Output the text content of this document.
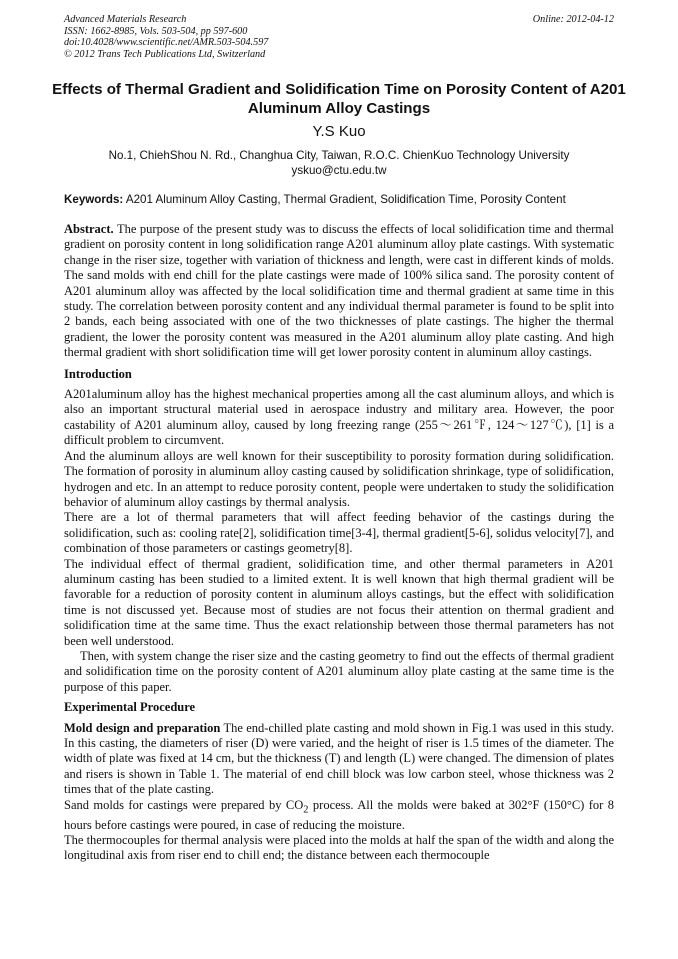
Advanced Materials Research
ISSN: 1662-8985, Vols. 503-504, pp 597-600
doi:10.4028/www.scientific.net/AMR.503-504.597
© 2012 Trans Tech Publications Ltd, Switzerland
Online: 2012-04-12
Effects of Thermal Gradient and Solidification Time on Porosity Content of A201 Aluminum Alloy Castings
Y.S Kuo
No.1, ChiehShou N. Rd., Changhua City, Taiwan, R.O.C. ChienKuo Technology University
yskuo@ctu.edu.tw
Keywords: A201 Aluminum Alloy Casting, Thermal Gradient, Solidification Time, Porosity Content

Abstract. The purpose of the present study was to discuss the effects of local solidification time and thermal gradient on porosity content in long solidification range A201 aluminum alloy plate castings. With systematic change in the riser size, together with variation of thickness and length, were cast in different kinds of molds. The sand molds with end chill for the plate castings were made of 100% silica sand. The porosity content of A201 aluminum alloy was affected by the local solidification time and thermal gradient at same time in this study. The correlation between porosity content and any individual thermal parameter is found to be split into 2 bands, each being associated with one of the two thicknesses of plate castings. The higher the thermal gradient, the lower the porosity content was measured in the A201 aluminum alloy plate casting. And high thermal gradient with short solidification time will get lower porosity content in aluminum alloy castings.

Introduction

A201aluminum alloy has the highest mechanical properties among all the cast aluminum alloys, and which is also an important structural material used in aerospace industry and military area. However, the poor castability of A201 aluminum alloy, caused by long freezing range (255～261℉, 124～127℃), [1] is a difficult problem to circumvent.

And the aluminum alloys are well known for their susceptibility to porosity formation during solidification. The formation of porosity in aluminum alloy casting caused by solidification shrinkage, type of solidification, hydrogen and etc. In an attempt to reduce porosity content, people were undertaken to study the solidification behavior of aluminum alloy castings by thermal analysis.

There are a lot of thermal parameters that will affect feeding behavior of the castings during the solidification, such as: cooling rate[2], solidification time[3-4], thermal gradient[5-6], solidus velocity[7], and combination of those parameters or castings geometry[8].

The individual effect of thermal gradient, solidification time, and other thermal parameters in A201 aluminum casting has been studied to a limited extent. It is well known that high thermal gradient will be favorable for a reduction of porosity content in aluminum alloys castings, but the effect with solidification time is not discussed yet. Because most of studies are not focus their attention on thermal gradient and solidification time at the same time. Thus the exact relationship between those thermal parameters has not been well understood.

Then, with system change the riser size and the casting geometry to find out the effects of thermal gradient and solidification time on the porosity content of A201 aluminum alloy plate casting at the same time is the purpose of this paper.

Experimental Procedure

Mold design and preparation The end-chilled plate casting and mold shown in Fig.1 was used in this study. In this casting, the diameters of riser (D) were varied, and the height of riser is 1.5 times of the diameter. The width of plate was fixed at 14 cm, but the thickness (T) and length (L) were changed. The dimension of plates and risers is shown in Table 1. The material of end chill block was low carbon steel, whose thickness was 2 times that of the plate casting.

Sand molds for castings were prepared by $CO_2$ process. All the molds were baked at 302°F (150°C) for 8 hours before castings were poured, in case of reducing the moisture.

The thermocouples for thermal analysis were placed into the molds at half the span of the width and along the longitudinal axis from riser end to chill end; the distance between each thermocouple
